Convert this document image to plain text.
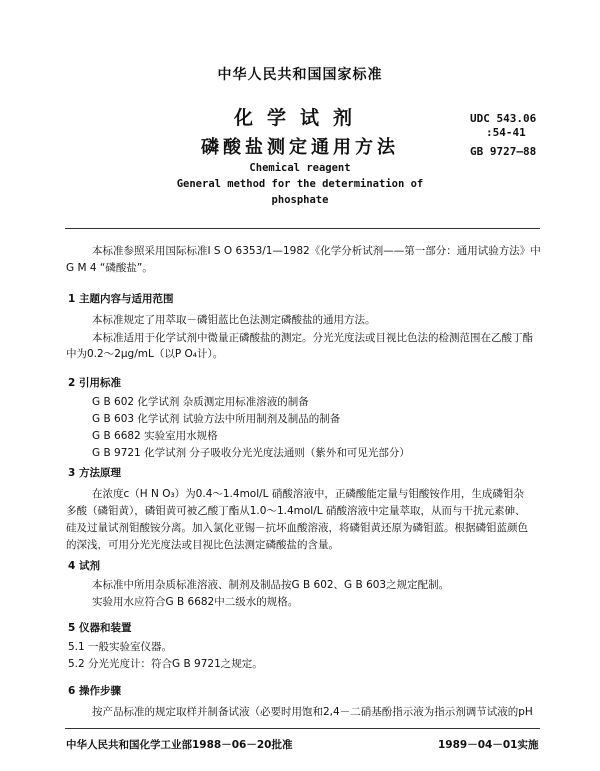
中华人民共和国国家标准
化学试剂
磷酸盐测定通用方法
UDC 543.06
:54-41
GB 9727—88
Chemical reagent
General method for the determination of
phosphate
本标准参照采用国际标准I S O 6353/1—1982《化学分析试剂——第一部分：通用试验方法》中
G M 4 “磷酸盐”。
1 主题内容与适用范围
本标准规定了用萃取－磷钼蓝比色法测定磷酸盐的通用方法。
本标准适用于化学试剂中微量正磷酸盐的测定。分光光度法或目视比色法的检测范围在乙酸丁酯
中为0.2～2μg/mL（以P O₄计）。
2 引用标准
G B 602 化学试剂 杂质测定用标准溶液的制备
G B 603 化学试剂 试验方法中所用制剂及制品的制备
G B 6682 实验室用水规格
G B 9721 化学试剂 分子吸收分光光度法通则（紫外和可见光部分）
3 方法原理
在浓度c（H N O₃）为0.4～1.4mol/L 硝酸溶液中，正磷酸能定量与钼酸铵作用，生成磷钼杂
多酸（磷钼黄），磷钼黄可被乙酸丁酯从1.0～1.4mol/L 硝酸溶液中定量萃取，从而与干扰元素砷、
硅及过量试剂钼酸铵分离。加入氯化亚锡－抗坏血酸溶液，将磷钼黄还原为磷钼蓝。根据磷钼蓝颜色
的深浅，可用分光光度法或目视比色法测定磷酸盐的含量。
4 试剂
本标准中所用杂质标准溶液、制剂及制品按G B 602、G B 603之规定配制。
实验用水应符合G B 6682中二级水的规格。
5 仪器和装置
5.1 一般实验室仪器。
5.2 分光光度计：符合G B 9721之规定。
6 操作步骤
按产品标准的规定取样并制备试液（必要时用饱和2,4－二硝基酚指示液为指示剂调节试液的pH
中华人民共和国化学工业部1988－06－20批准	1989－04－01实施
